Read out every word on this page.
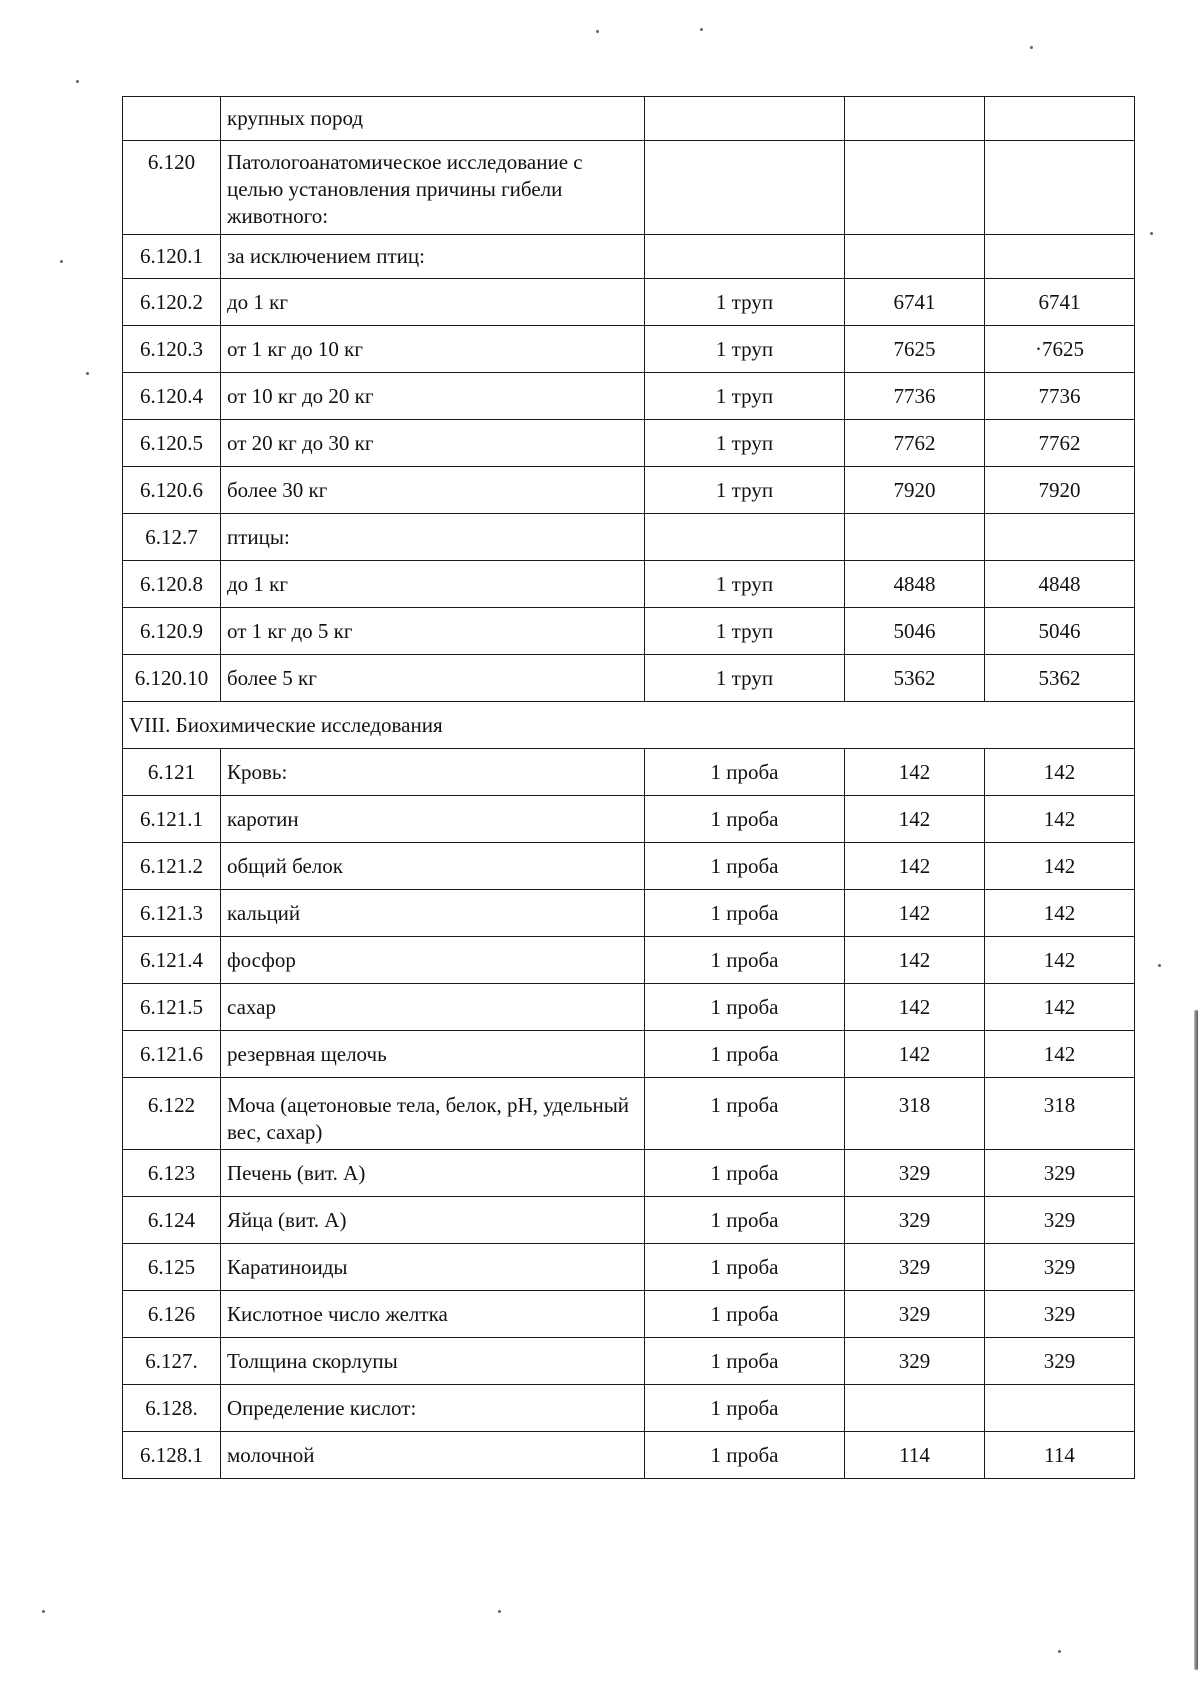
	крупных пород			
6.120	Патологоанатомическое исследование с целью установления причины гибели животного:			
6.120.1	за исключением птиц:			
6.120.2	до 1 кг	1 труп	6741	6741
6.120.3	от 1 кг до 10 кг	1 труп	7625	·7625
6.120.4	от 10 кг до 20 кг	1 труп	7736	7736
6.120.5	от 20 кг до 30 кг	1 труп	7762	7762
6.120.6	более 30 кг	1 труп	7920	7920
6.12.7	птицы:			
6.120.8	до 1 кг	1 труп	4848	4848
6.120.9	от 1 кг до 5 кг	1 труп	5046	5046
6.120.10	более 5 кг	1 труп	5362	5362
VIII. Биохимические исследования				
6.121	Кровь:	1 проба	142	142
6.121.1	каротин	1 проба	142	142
6.121.2	общий белок	1 проба	142	142
6.121.3	кальций	1 проба	142	142
6.121.4	фосфор	1 проба	142	142
6.121.5	сахар	1 проба	142	142
6.121.6	резервная щелочь	1 проба	142	142
6.122	Моча (ацетоновые тела, белок, рН, удельный вес, сахар)	1 проба	318	318
6.123	Печень (вит. А)	1 проба	329	329
6.124	Яйца (вит. А)	1 проба	329	329
6.125	Каратиноиды	1 проба	329	329
6.126	Кислотное число желтка	1 проба	329	329
6.127.	Толщина скорлупы	1 проба	329	329
6.128.	Определение кислот:	1 проба		
6.128.1	молочной	1 проба	114	114
